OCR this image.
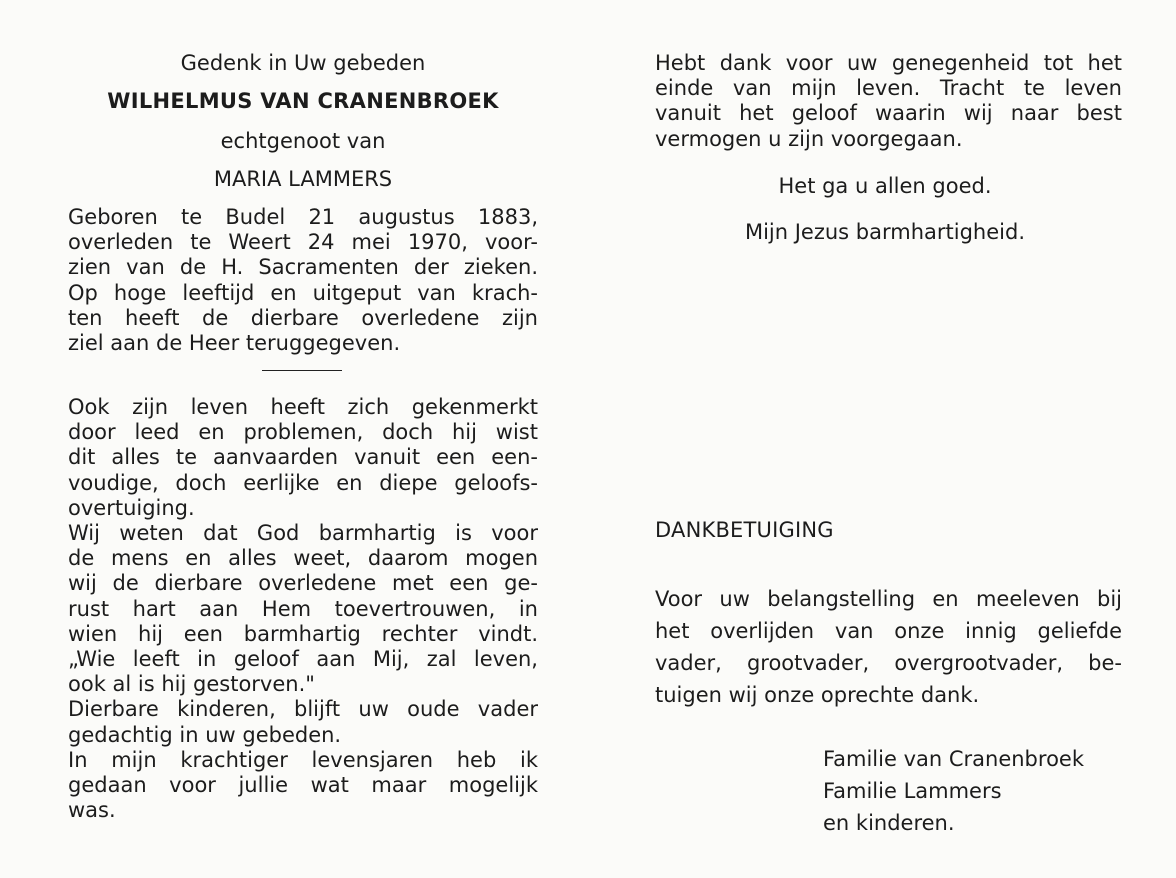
Gedenk in Uw gebeden
WILHELMUS VAN CRANENBROEK
echtgenoot van
MARIA LAMMERS
Geboren te Budel 21 augustus 1883,
overleden te Weert 24 mei 1970, voor-
zien van de H. Sacramenten der zieken.
Op hoge leeftijd en uitgeput van krach-
ten heeft de dierbare overledene zijn
ziel aan de Heer teruggegeven.
Ook zijn leven heeft zich gekenmerkt
door leed en problemen, doch hij wist
dit alles te aanvaarden vanuit een een-
voudige, doch eerlijke en diepe geloofs-
overtuiging.
Wij weten dat God barmhartig is voor
de mens en alles weet, daarom mogen
wij de dierbare overledene met een ge-
rust hart aan Hem toevertrouwen, in
wien hij een barmhartig rechter vindt.
„Wie leeft in geloof aan Mij, zal leven,
ook al is hij gestorven."
Dierbare kinderen, blijft uw oude vader
gedachtig in uw gebeden.
In mijn krachtiger levensjaren heb ik
gedaan voor jullie wat maar mogelijk
was.
Hebt dank voor uw genegenheid tot het
einde van mijn leven. Tracht te leven
vanuit het geloof waarin wij naar best
vermogen u zijn voorgegaan.
Het ga u allen goed.
Mijn Jezus barmhartigheid.
DANKBETUIGING
Voor uw belangstelling en meeleven bij
het overlijden van onze innig geliefde
vader, grootvader, overgrootvader, be-
tuigen wij onze oprechte dank.
Familie van Cranenbroek
Familie Lammers
en kinderen.
